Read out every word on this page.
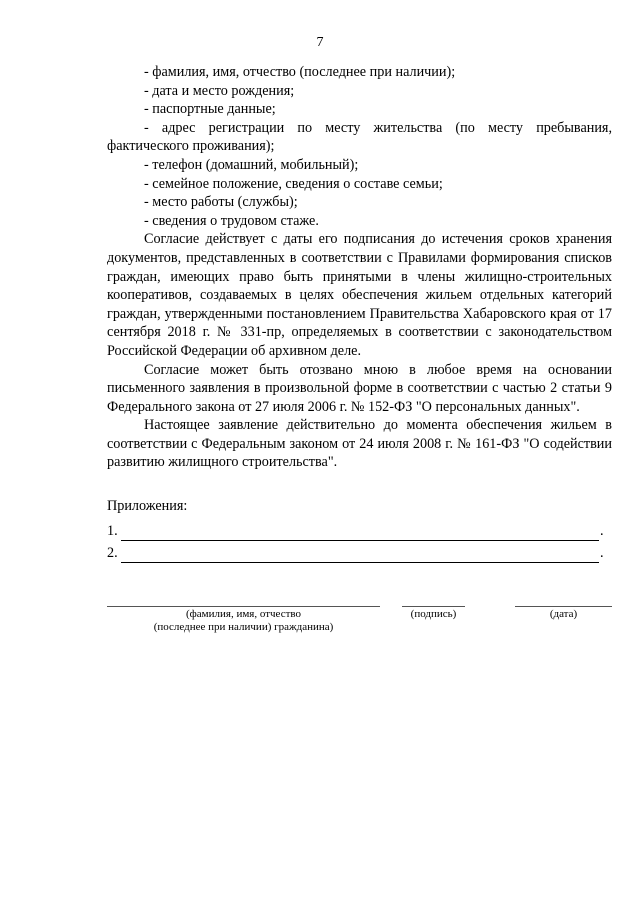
7

- фамилия, имя, отчество (последнее при наличии);

- дата и место рождения;

- паспортные данные;

- адрес регистрации по месту жительства (по месту пребывания, фактического проживания);

- телефон (домашний, мобильный);

- семейное положение, сведения о составе семьи;

- место работы (службы);

- сведения о трудовом стаже.

Согласие действует с даты его подписания до истечения сроков хранения документов, представленных в соответствии с Правилами формирования списков граждан, имеющих право быть принятыми в члены жилищно-строительных кооперативов, создаваемых в целях обеспечения жильем отдельных категорий граждан, утвержденными постановлением Правительства Хабаровского края от 17 сентября 2018 г. № 331-пр, определяемых в соответствии с законодательством Российской Федерации об архивном деле.

Согласие может быть отозвано мною в любое время на основании письменного заявления в произвольной форме в соответствии с частью 2 статьи 9 Федерального закона от 27 июля 2006 г. № 152-ФЗ "О персональных данных".

Настоящее заявление действительно до момента обеспечения жильем в соответствии с Федеральным законом от 24 июля 2008 г. № 161-ФЗ "О содействии развитию жилищного строительства".

Приложения:
1.	.
2.	.
(фамилия, имя, отчество
(последнее при наличии) гражданина)
(подпись)	(дата)
